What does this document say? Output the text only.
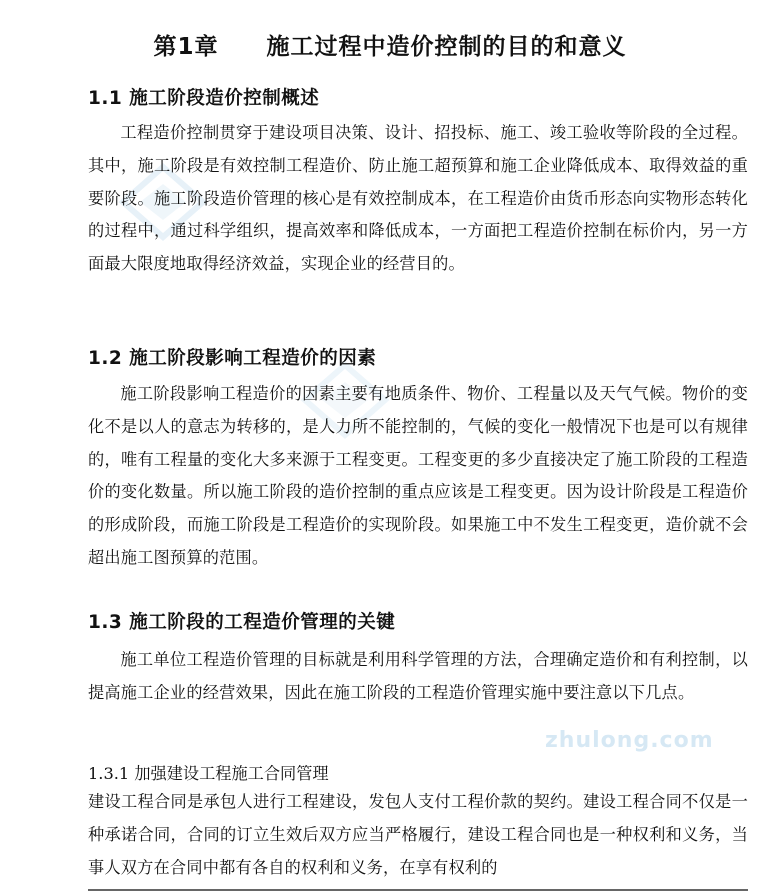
第1章　　施工过程中造价控制的目的和意义
1.1 施工阶段造价控制概述

工程造价控制贯穿于建设项目决策、设计、招投标、施工、竣工验收等阶段的全过程。其中，施工阶段是有效控制工程造价、防止施工超预算和施工企业降低成本、取得效益的重要阶段。施工阶段造价管理的核心是有效控制成本，在工程造价由货币形态向实物形态转化的过程中，通过科学组织，提高效率和降低成本，一方面把工程造价控制在标价内，另一方面最大限度地取得经济效益，实现企业的经营目的。

1.2 施工阶段影响工程造价的因素

施工阶段影响工程造价的因素主要有地质条件、物价、工程量以及天气气候。物价的变化不是以人的意志为转移的，是人力所不能控制的，气候的变化一般情况下也是可以有规律的，唯有工程量的变化大多来源于工程变更。工程变更的多少直接决定了施工阶段的工程造价的变化数量。所以施工阶段的造价控制的重点应该是工程变更。因为设计阶段是工程造价的形成阶段，而施工阶段是工程造价的实现阶段。如果施工中不发生工程变更，造价就不会超出施工图预算的范围。

1.3 施工阶段的工程造价管理的关键

施工单位工程造价管理的目标就是利用科学管理的方法，合理确定造价和有利控制，以提高施工企业的经营效果，因此在施工阶段的工程造价管理实施中要注意以下几点。

1.3.1 加强建设工程施工合同管理

建设工程合同是承包人进行工程建设，发包人支付工程价款的契约。建设工程合同不仅是一种承诺合同，合同的订立生效后双方应当严格履行，建设工程合同也是一种权利和义务，当事人双方在合同中都有各自的权利和义务，在享有权利的

zhulong.com
